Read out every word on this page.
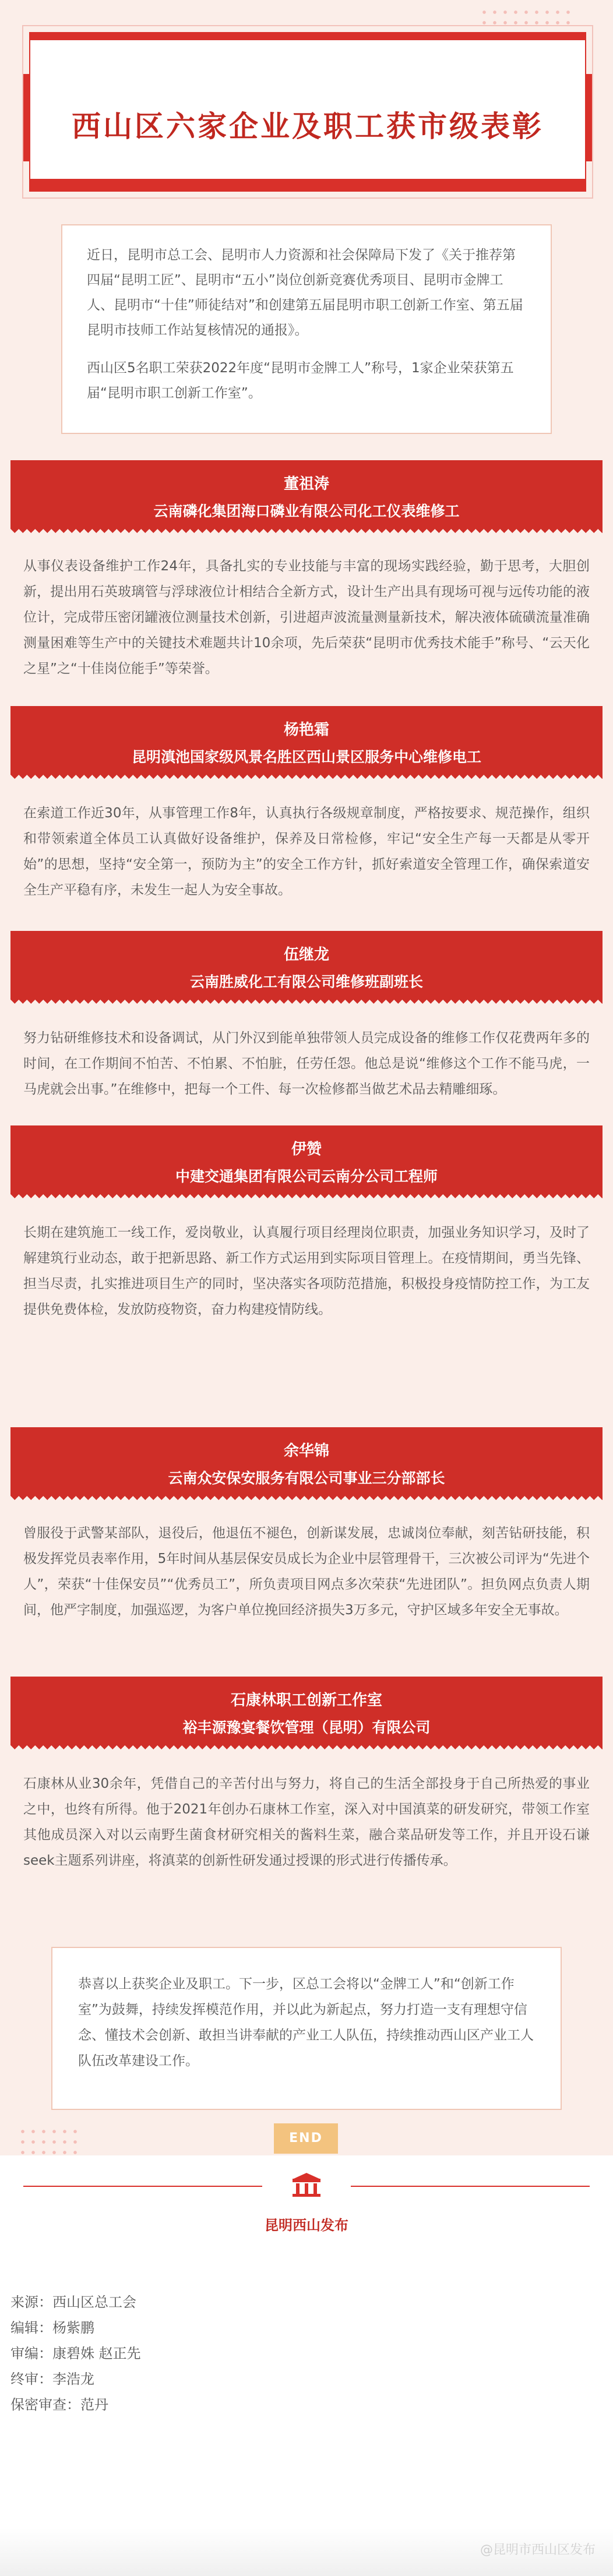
西山区六家企业及职工获市级表彰

近日，昆明市总工会、昆明市人力资源和社会保障局下发了《关于推荐第四届“昆明工匠”、昆明市“五小”岗位创新竞赛优秀项目、昆明市金牌工人、昆明市“十佳”师徒结对”和创建第五届昆明市职工创新工作室、第五届昆明市技师工作站复核情况的通报》。

西山区5名职工荣获2022年度“昆明市金牌工人”称号，1家企业荣获第五届“昆明市职工创新工作室”。

董祖涛
云南磷化集团海口磷业有限公司化工仪表维修工
从事仪表设备维护工作24年，具备扎实的专业技能与丰富的现场实践经验，勤于思考，大胆创新，提出用石英玻璃管与浮球液位计相结合全新方式，设计生产出具有现场可视与远传功能的液位计，完成带压密闭罐液位测量技术创新，引进超声波流量测量新技术，解决液体硫磺流量准确测量困难等生产中的关键技术难题共计10余项，先后荣获“昆明市优秀技术能手”称号、“云天化之星”之“十佳岗位能手”等荣誉。
杨艳霜
昆明滇池国家级风景名胜区西山景区服务中心维修电工
在索道工作近30年，从事管理工作8年，认真执行各级规章制度，严格按要求、规范操作，组织和带领索道全体员工认真做好设备维护，保养及日常检修，牢记“安全生产每一天都是从零开始”的思想，坚持“安全第一，预防为主”的安全工作方针，抓好索道安全管理工作，确保索道安全生产平稳有序，未发生一起人为安全事故。
伍继龙
云南胜威化工有限公司维修班副班长
努力钻研维修技术和设备调试，从门外汉到能单独带领人员完成设备的维修工作仅花费两年多的时间，在工作期间不怕苦、不怕累、不怕脏，任劳任怨。他总是说“维修这个工作不能马虎，一马虎就会出事。”在维修中，把每一个工件、每一次检修都当做艺术品去精雕细琢。
伊赞
中建交通集团有限公司云南分公司工程师
长期在建筑施工一线工作，爱岗敬业，认真履行项目经理岗位职责，加强业务知识学习，及时了解建筑行业动态，敢于把新思路、新工作方式运用到实际项目管理上。在疫情期间，勇当先锋、担当尽责，扎实推进项目生产的同时，坚决落实各项防范措施，积极投身疫情防控工作，为工友提供免费体检，发放防疫物资，奋力构建疫情防线。
余华锦
云南众安保安服务有限公司事业三分部部长
曾服役于武警某部队，退役后，他退伍不褪色，创新谋发展，忠诚岗位奉献，刻苦钻研技能，积极发挥党员表率作用，5年时间从基层保安员成长为企业中层管理骨干，三次被公司评为“先进个人”，荣获“十佳保安员”“优秀员工”，所负责项目网点多次荣获“先进团队”。担负网点负责人期间，他严字制度，加强巡逻，为客户单位挽回经济损失3万多元，守护区域多年安全无事故。
石康林职工创新工作室
裕丰源豫宴餐饮管理（昆明）有限公司
石康林从业30余年，凭借自己的辛苦付出与努力，将自己的生活全部投身于自己所热爱的事业之中，也终有所得。他于2021年创办石康林工作室，深入对中国滇菜的研发研究，带领工作室其他成员深入对以云南野生菌食材研究相关的酱料生菜，融合菜品研发等工作，并且开设石谦seek主题系列讲座，将滇菜的创新性研发通过授课的形式进行传播传承。
恭喜以上获奖企业及职工。下一步，区总工会将以“金牌工人”和“创新工作室”为鼓舞，持续发挥模范作用，并以此为新起点，努力打造一支有理想守信念、懂技术会创新、敢担当讲奉献的产业工人队伍，持续推动西山区产业工人队伍改革建设工作。
END
昆明西山发布
来源：西山区总工会
编辑：杨紫鹏
审编：康碧姝 赵正先
终审：李浩龙
保密审查：范丹
@昆明市西山区发布
